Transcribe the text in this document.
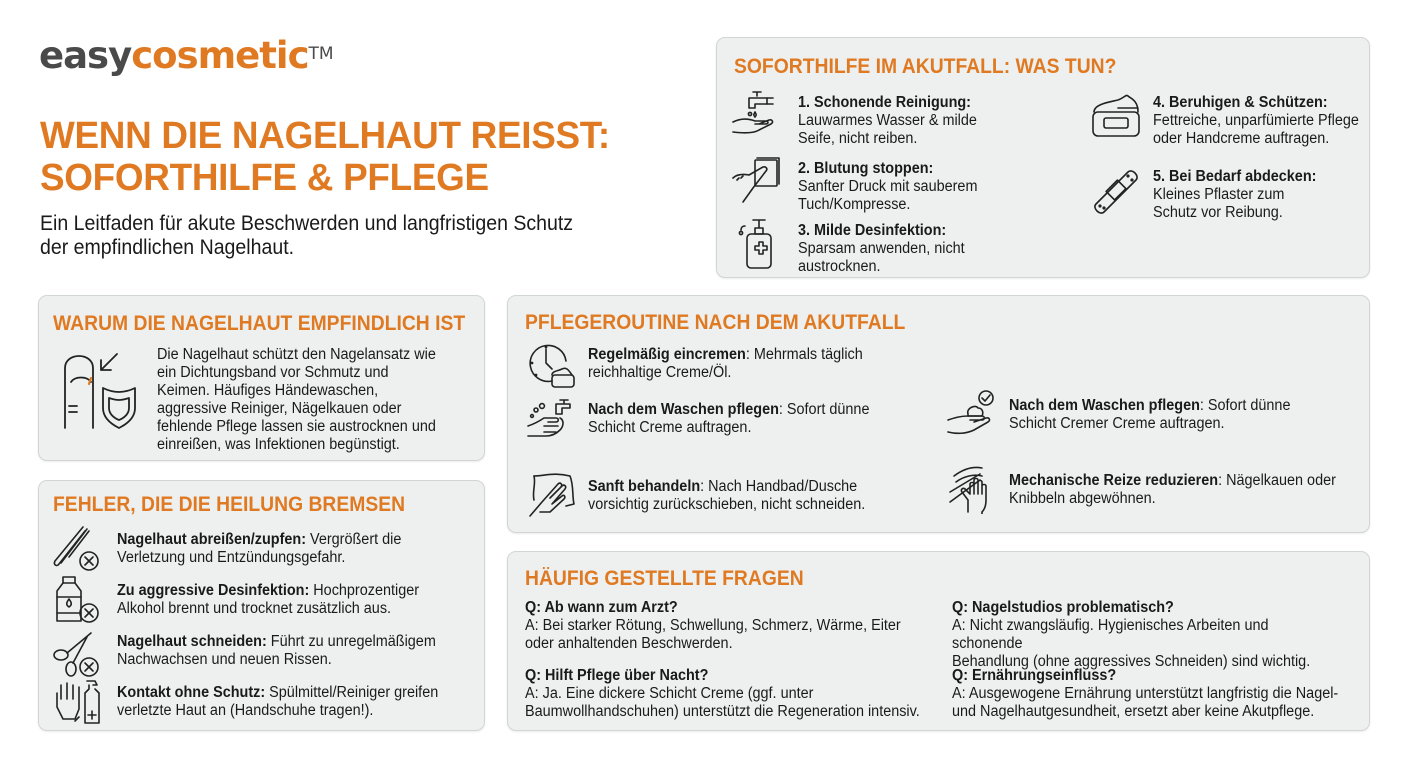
easycosmetic™
WENN DIE NAGELHAUT REISST:
SOFORTHILFE & PFLEGE
Ein Leitfaden für akute Beschwerden und langfristigen Schutz
der empfindlichen Nagelhaut.
SOFORTHILFE IM AKUTFALL: WAS TUN?
1. Schonende Reinigung:
Lauwarmes Wasser & milde
Seife, nicht reiben.
2. Blutung stoppen:
Sanfter Druck mit sauberem
Tuch/Kompresse.
3. Milde Desinfektion:
Sparsam anwenden, nicht
austrocknen.
4. Beruhigen & Schützen:
Fettreiche, unparfümierte Pflege
oder Handcreme auftragen.
5. Bei Bedarf abdecken:
Kleines Pflaster zum
Schutz vor Reibung.
WARUM DIE NAGELHAUT EMPFINDLICH IST
Die Nagelhaut schützt den Nagelansatz wie
ein Dichtungsband vor Schmutz und
Keimen. Häufiges Händewaschen,
aggressive Reiniger, Nägelkauen oder
fehlende Pflege lassen sie austrocknen und
einreißen, was Infektionen begünstigt.
FEHLER, DIE DIE HEILUNG BREMSEN
Nagelhaut abreißen/zupfen: Vergrößert die
Verletzung und Entzündungsgefahr.
Zu aggressive Desinfektion: Hochprozentiger
Alkohol brennt und trocknet zusätzlich aus.
Nagelhaut schneiden: Führt zu unregelmäßigem
Nachwachsen und neuen Rissen.
Kontakt ohne Schutz: Spülmittel/Reiniger greifen
verletzte Haut an (Handschuhe tragen!).
PFLEGEROUTINE NACH DEM AKUTFALL
Regelmäßig eincremen: Mehrmals täglich
reichhaltige Creme/Öl.
Nach dem Waschen pflegen: Sofort dünne
Schicht Creme auftragen.
Sanft behandeln: Nach Handbad/Dusche
vorsichtig zurückschieben, nicht schneiden.
Nach dem Waschen pflegen: Sofort dünne
Schicht Cremer Creme auftragen.
Mechanische Reize reduzieren: Nägelkauen oder
Knibbeln abgewöhnen.
HÄUFIG GESTELLTE FRAGEN
Q: Ab wann zum Arzt?
A: Bei starker Rötung, Schwellung, Schmerz, Wärme, Eiter
oder anhaltenden Beschwerden.
Q: Hilft Pflege über Nacht?
A: Ja. Eine dickere Schicht Creme (ggf. unter
Baumwollhandschuhen) unterstützt die Regeneration intensiv.
Q: Nagelstudios problematisch?
A: Nicht zwangsläufig. Hygienisches Arbeiten und schonende
Behandlung (ohne aggressives Schneiden) sind wichtig.
Q: Ernährungseinfluss?
A: Ausgewogene Ernährung unterstützt langfristig die Nagel-
und Nagelhautgesundheit, ersetzt aber keine Akutpflege.
